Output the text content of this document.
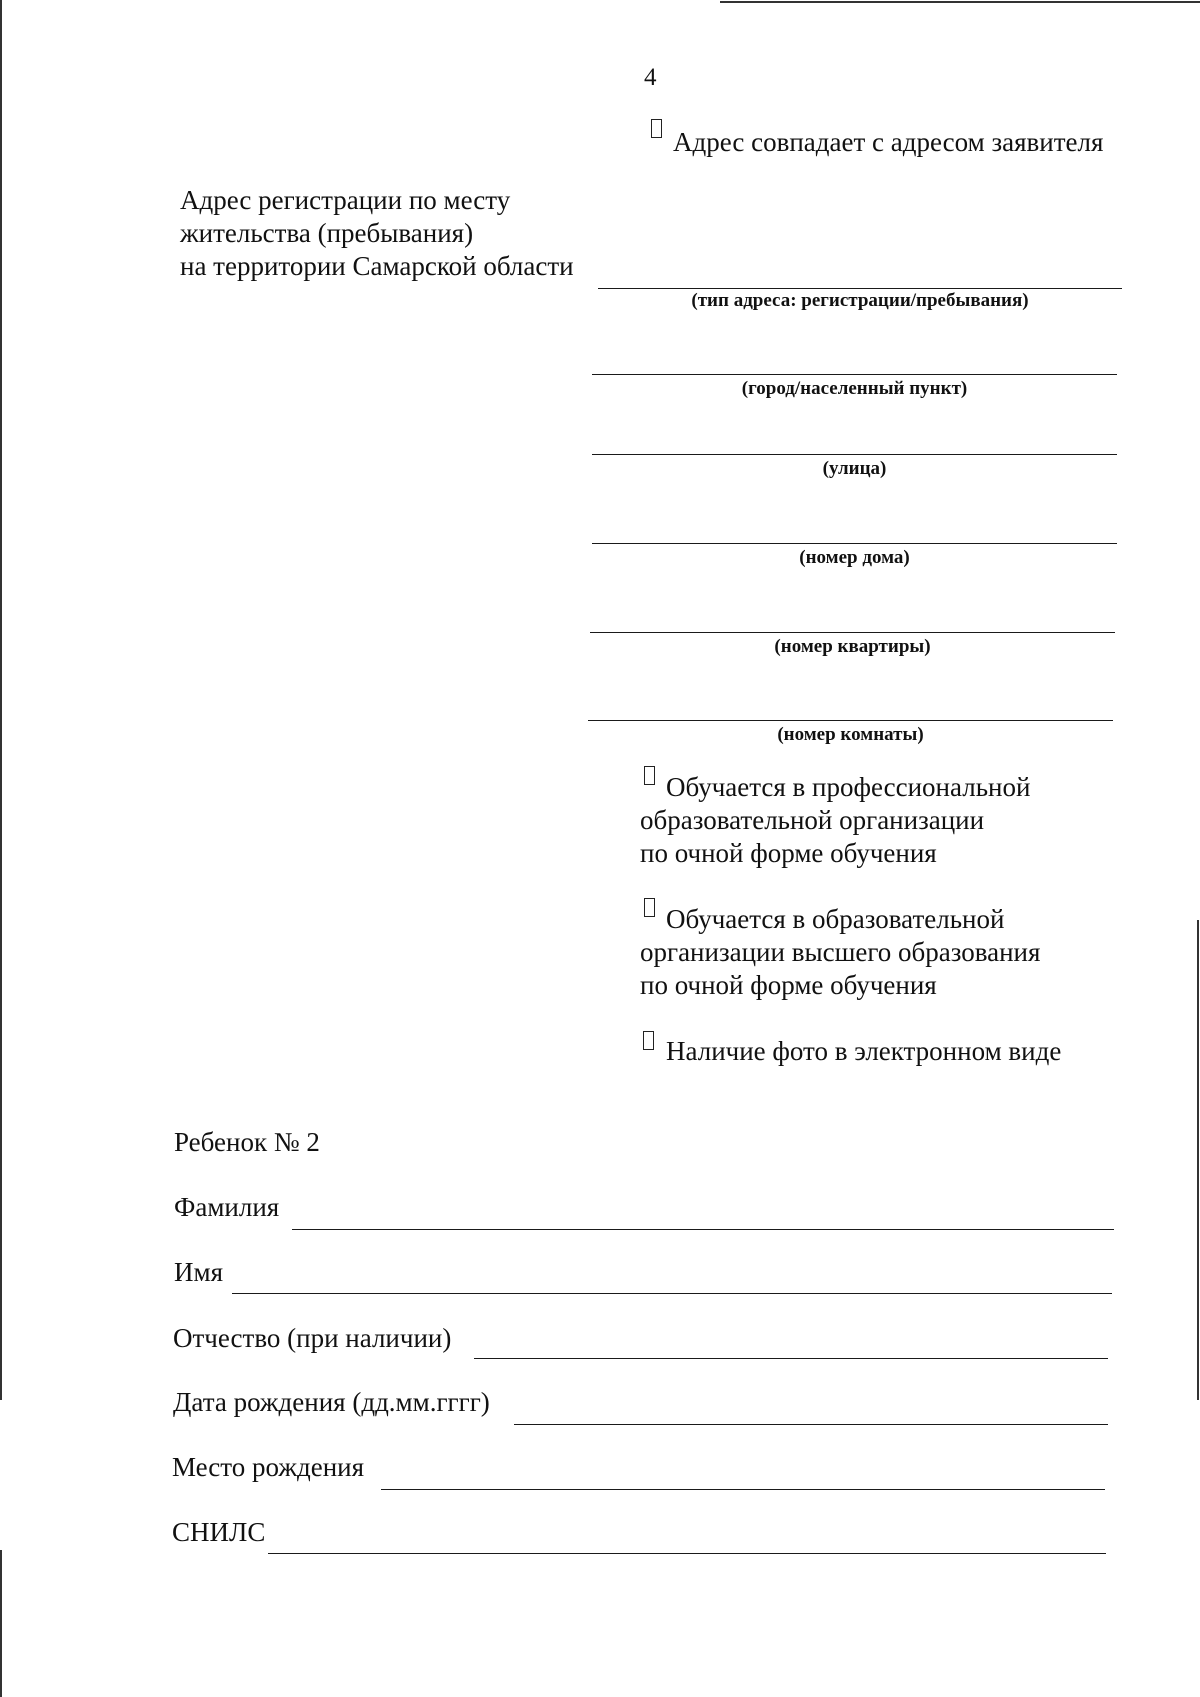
4
Адрес совпадает с адресом заявителя
Адрес регистрации по месту
жительства (пребывания)
на территории Самарской области
(тип адреса: регистрации/пребывания)
(город/населенный пункт)
(улица)
(номер дома)
(номер квартиры)
(номер комнаты)
Обучается в профессиональной
образовательной организации
по очной форме обучения
Обучается в образовательной
организации высшего образования
по очной форме обучения
Наличие фото в электронном виде
Ребенок № 2
Фамилия
Имя
Отчество (при наличии)
Дата рождения (дд.мм.гггг)
Место рождения
СНИЛС
